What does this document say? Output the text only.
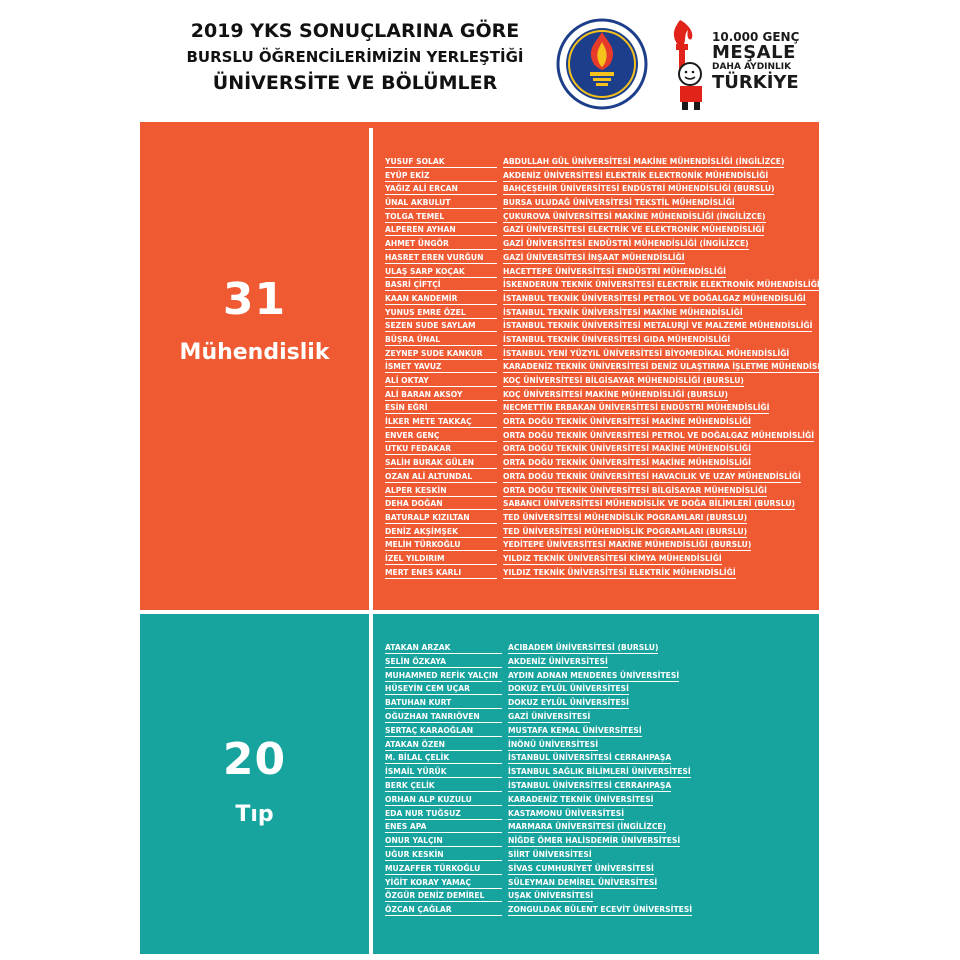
2019 YKS SONUÇLARINA GÖRE
BURSLU ÖĞRENCİLERİMİZİN YERLEŞTİĞİ
ÜNİVERSİTE VE BÖLÜMLER
10.000 GENÇ
MEŞALE
DAHA AYDINLIK
TÜRKİYE
31
Mühendislik
YUSUF SOLAK	ABDULLAH GÜL ÜNİVERSİTESİ MAKİNE MÜHENDİSLİĞİ (İNGİLİZCE)
EYÜP EKİZ	AKDENİZ ÜNİVERSİTESİ ELEKTRİK ELEKTRONİK MÜHENDİSLİĞİ
YAĞIZ ALİ ERCAN	BAHÇEŞEHİR ÜNİVERSİTESİ ENDÜSTRİ MÜHENDİSLİĞİ (BURSLU)
ÜNAL AKBULUT	BURSA ULUDAĞ ÜNİVERSİTESİ TEKSTİL MÜHENDİSLİĞİ
TOLGA TEMEL	ÇUKUROVA ÜNİVERSİTESİ MAKİNE MÜHENDİSLİĞİ (İNGİLİZCE)
ALPEREN AYHAN	GAZİ ÜNİVERSİTESİ ELEKTRİK VE ELEKTRONİK MÜHENDİSLİĞİ
AHMET ÜNGÖR	GAZİ ÜNİVERSİTESİ ENDÜSTRİ MÜHENDİSLİĞİ (İNGİLİZCE)
HASRET EREN VURĞUN	GAZİ ÜNİVERSİTESİ İNŞAAT MÜHENDİSLİĞİ
ULAŞ SARP KOÇAK	HACETTEPE ÜNİVERSİTESİ ENDÜSTRİ MÜHENDİSLİĞİ
BASRİ ÇİFTÇİ	İSKENDERUN TEKNİK ÜNİVERSİTESİ ELEKTRİK ELEKTRONİK MÜHENDİSLİĞİ
KAAN KANDEMİR	İSTANBUL TEKNİK ÜNİVERSİTESİ PETROL VE DOĞALGAZ MÜHENDİSLİĞİ
YUNUS EMRE ÖZEL	İSTANBUL TEKNİK ÜNİVERSİTESİ MAKİNE MÜHENDİSLİĞİ
SEZEN SUDE SAYLAM	İSTANBUL TEKNİK ÜNİVERSİTESİ METALURJİ VE MALZEME MÜHENDİSLİĞİ
BÜŞRA ÜNAL	İSTANBUL TEKNİK ÜNİVERSİTESİ GIDA MÜHENDİSLİĞİ
ZEYNEP SUDE KANKUR	İSTANBUL YENİ YÜZYIL ÜNİVERSİTESİ BİYOMEDİKAL MÜHENDİSLİĞİ
İSMET YAVUZ	KARADENİZ TEKNİK ÜNİVERSİTESİ DENİZ ULAŞTIRMA İŞLETME MÜHENDİSLİĞİ
ALİ OKTAY	KOÇ ÜNİVERSİTESİ BİLGİSAYAR MÜHENDİSLİĞİ (BURSLU)
ALİ BARAN AKSOY	KOÇ ÜNİVERSİTESİ MAKİNE MÜHENDİSLİĞİ (BURSLU)
ESİN EĞRİ	NECMETTİN ERBAKAN ÜNİVERSİTESİ ENDÜSTRİ MÜHENDİSLİĞİ
İLKER METE TAKKAÇ	ORTA DOĞU TEKNİK ÜNİVERSİTESİ MAKİNE MÜHENDİSLİĞİ
ENVER GENÇ	ORTA DOĞU TEKNİK ÜNİVERSİTESİ PETROL VE DOĞALGAZ MÜHENDİSLİĞİ
UTKU FEDAKAR	ORTA DOĞU TEKNİK ÜNİVERSİTESİ MAKİNE MÜHENDİSLİĞİ
SALİH BURAK GÜLEN	ORTA DOĞU TEKNİK ÜNİVERSİTESİ MAKİNE MÜHENDİSLİĞİ
OZAN ALİ ALTUNDAL	ORTA DOĞU TEKNİK ÜNİVERSİTESİ HAVACILIK VE UZAY MÜHENDİSLİĞİ
ALPER KESKİN	ORTA DOĞU TEKNİK ÜNİVERSİTESİ BİLGİSAYAR MÜHENDİSLİĞİ
DEHA DOĞAN	SABANCI ÜNİVERSİTESİ MÜHENDİSLİK VE DOĞA BİLİMLERİ (BURSLU)
BATURALP KIZILTAN	TED ÜNİVERSİTESİ MÜHENDİSLİK POGRAMLARI (BURSLU)
DENİZ AKŞİMŞEK	TED ÜNİVERSİTESİ MÜHENDİSLİK POGRAMLARI (BURSLU)
MELİH TÜRKOĞLU	YEDİTEPE ÜNİVERSİTESİ MAKİNE MÜHENDİSLİĞİ (BURSLU)
İZEL YILDIRIM	YILDIZ TEKNİK ÜNİVERSİTESİ KİMYA MÜHENDİSLİĞİ
MERT ENES KARLI	YILDIZ TEKNİK ÜNİVERSİTESİ ELEKTRİK MÜHENDİSLİĞİ
20
Tıp
ATAKAN ARZAK	ACIBADEM ÜNİVERSİTESİ (BURSLU)
SELİN ÖZKAYA	AKDENİZ ÜNİVERSİTESİ
MUHAMMED REFİK YALÇIN	AYDIN ADNAN MENDERES ÜNİVERSİTESİ
HÜSEYİN CEM UÇAR	DOKUZ EYLÜL ÜNİVERSİTESİ
BATUHAN KURT	DOKUZ EYLÜL ÜNİVERSİTESİ
OĞUZHAN TANRIÖVEN	GAZİ ÜNİVERSİTESİ
SERTAÇ KARAOĞLAN	MUSTAFA KEMAL ÜNİVERSİTESİ
ATAKAN ÖZEN	İNÖNÜ ÜNİVERSİTESİ
M. BİLAL ÇELİK	İSTANBUL ÜNİVERSİTESİ CERRAHPAŞA
İSMAİL YÜRÜK	İSTANBUL SAĞLIK BİLİMLERİ ÜNİVERSİTESİ
BERK ÇELİK	İSTANBUL ÜNİVERSİTESİ CERRAHPAŞA
ORHAN ALP KUZULU	KARADENİZ TEKNİK ÜNİVERSİTESİ
EDA NUR TUĞSUZ	KASTAMONU ÜNİVERSİTESİ
ENES APA	MARMARA ÜNİVERSİTESİ (İNGİLİZCE)
ONUR YALÇIN	NİĞDE ÖMER HALİSDEMİR ÜNİVERSİTESİ
UĞUR KESKİN	SİİRT ÜNİVERSİTESİ
MUZAFFER TÜRKOĞLU	SİVAS CUMHURİYET ÜNİVERSİTESİ
YİĞİT KORAY YAMAÇ	SÜLEYMAN DEMİREL ÜNİVERSİTESİ
ÖZGÜR DENİZ DEMİREL	UŞAK ÜNİVERSİTESİ
ÖZCAN ÇAĞLAR	ZONGULDAK BÜLENT ECEVİT ÜNİVERSİTESİ
